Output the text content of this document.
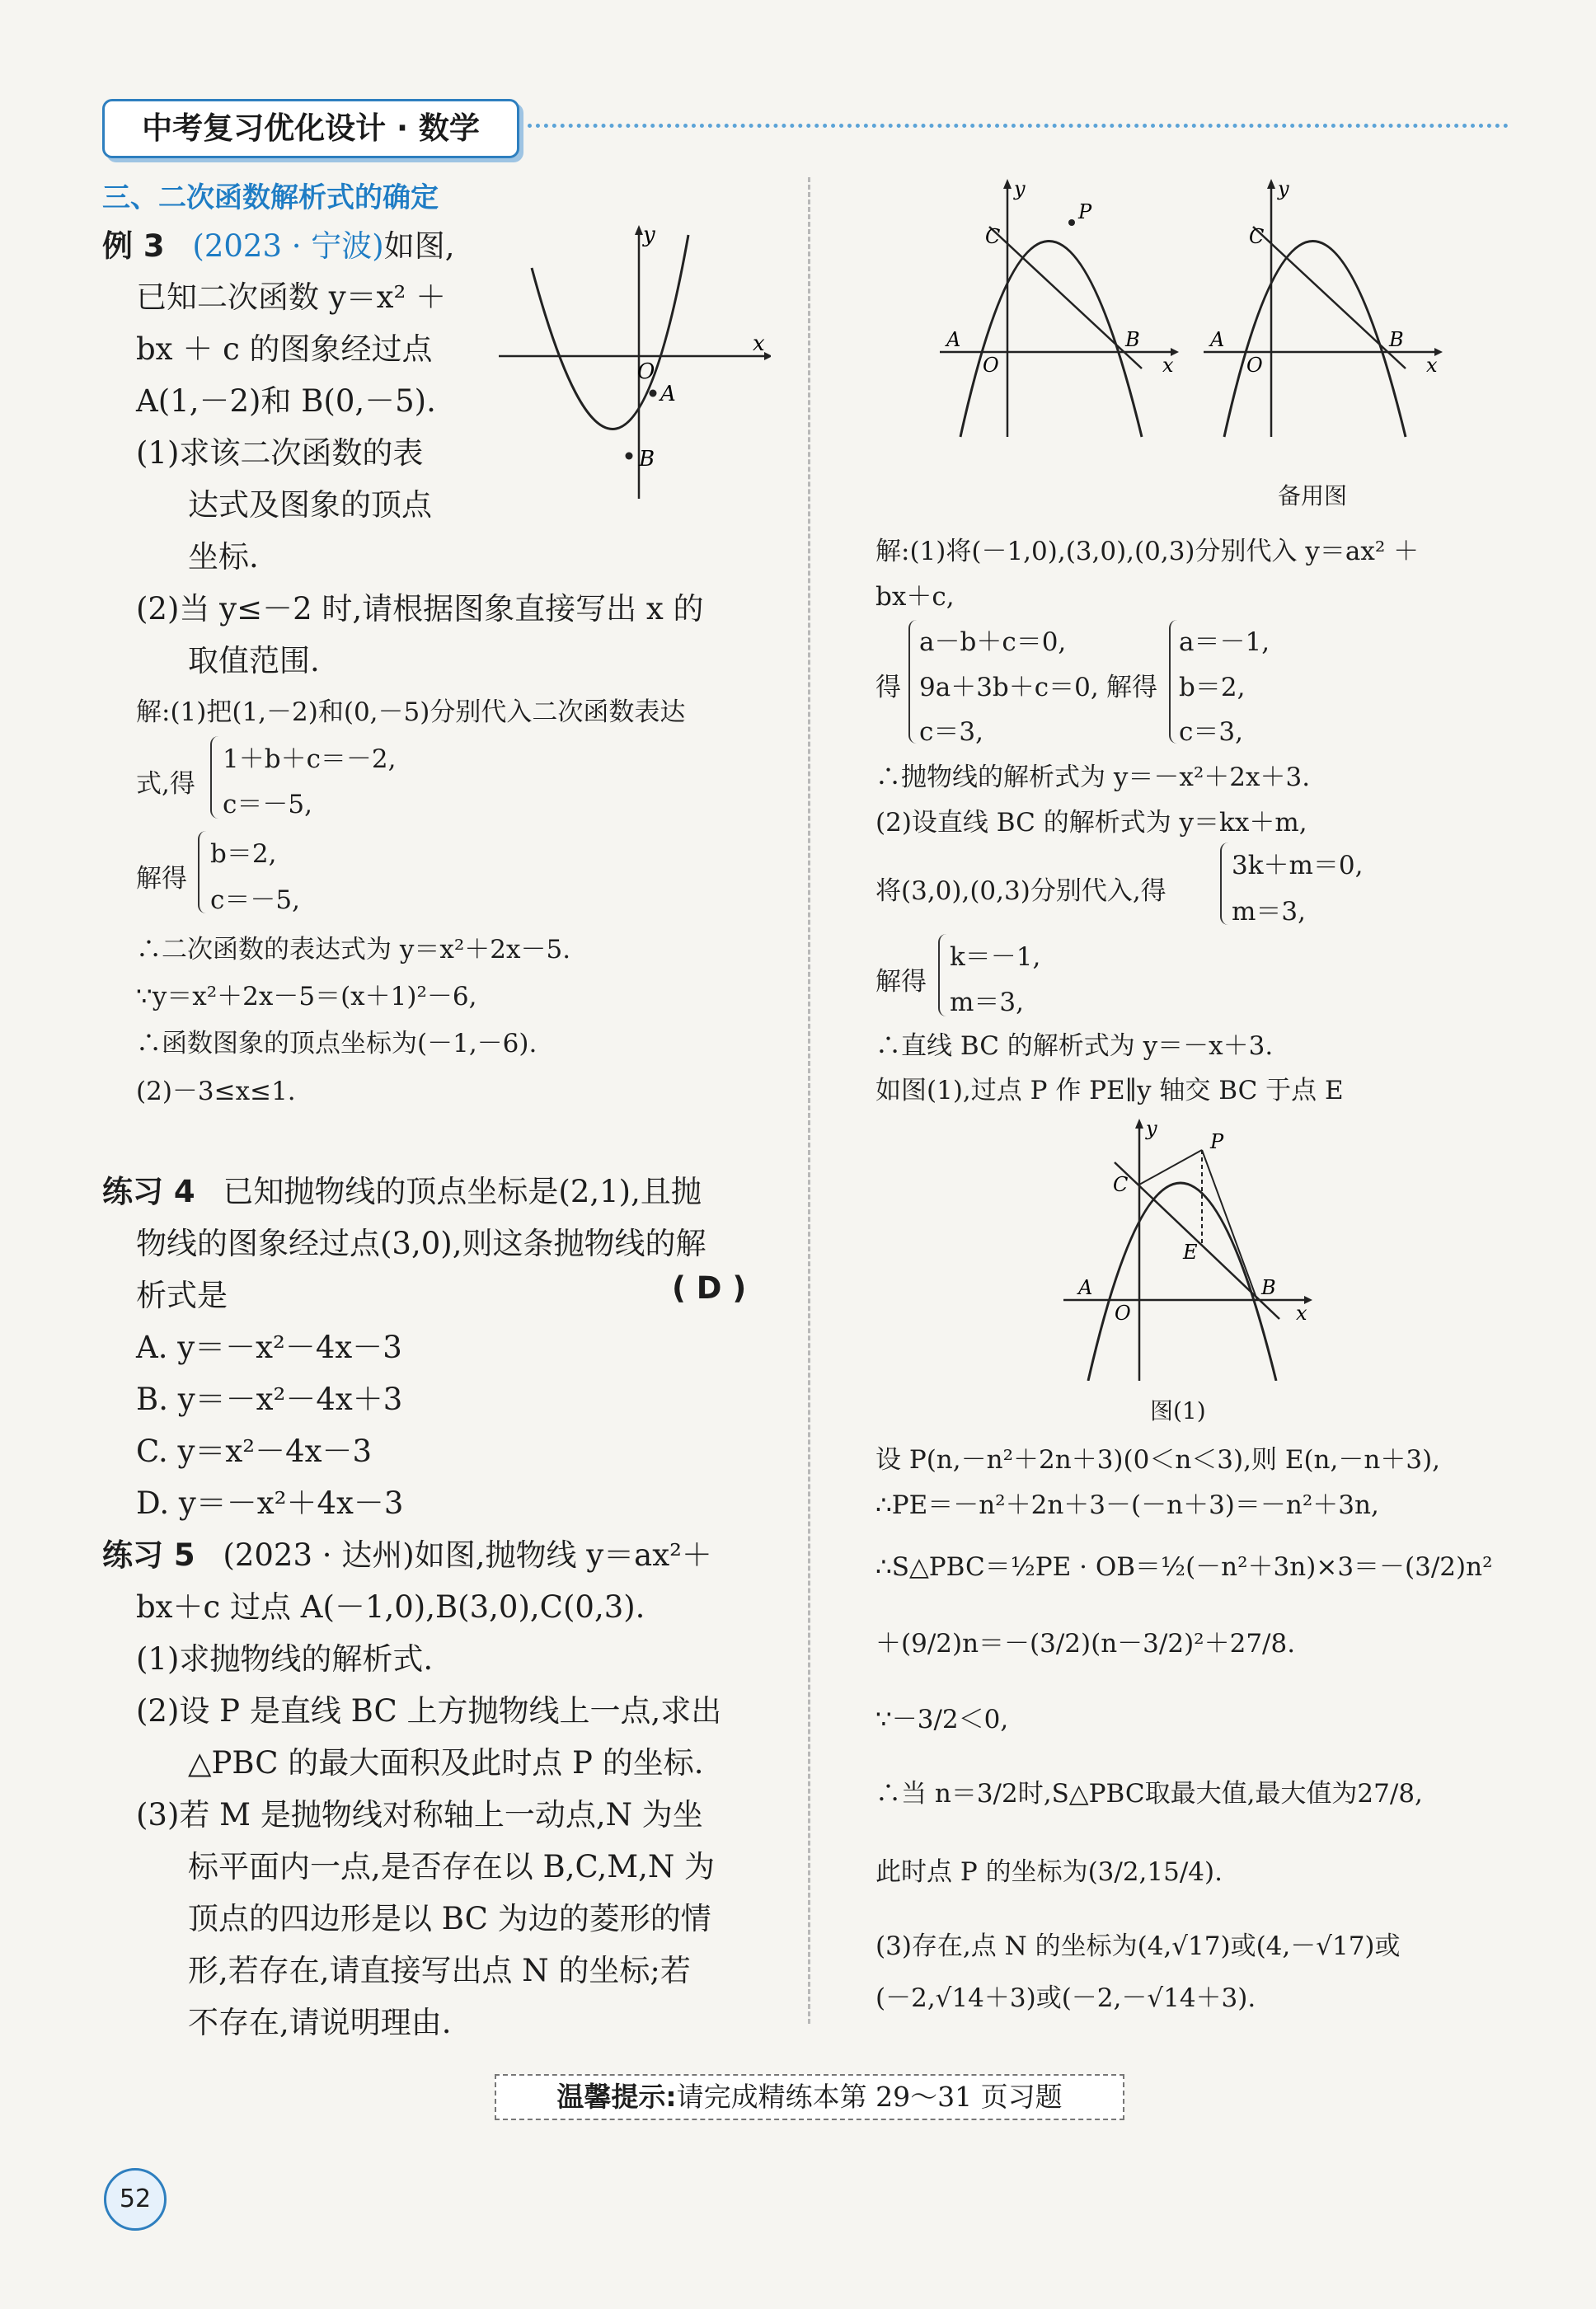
中考复习优化设计 · 数学
三、二次函数解析式的确定
例 3 (2023 · 宁波)如图,
已知二次函数 y＝x² ＋
bx ＋ c 的图象经过点
A(1,－2)和 B(0,－5).
(1)求该二次函数的表
达式及图象的顶点
坐标.
(2)当 y≤－2 时,请根据图象直接写出 x 的
取值范围.
y
x
O
A
B
解:(1)把(1,－2)和(0,－5)分别代入二次函数表达
式,得
1＋b＋c＝－2,
c＝－5,
解得
b＝2,
c＝－5,
∴二次函数的表达式为 y＝x²＋2x－5.
∵y＝x²＋2x－5＝(x＋1)²－6,
∴函数图象的顶点坐标为(－1,－6).
(2)－3≤x≤1.
练习 4 已知抛物线的顶点坐标是(2,1),且抛
物线的图象经过点(3,0),则这条抛物线的解
析式是	( D )
A. y＝－x²－4x－3
B. y＝－x²－4x＋3
C. y＝x²－4x－3
D. y＝－x²＋4x－3
练习 5 (2023 · 达州)如图,抛物线 y＝ax²＋
bx＋c 过点 A(－1,0),B(3,0),C(0,3).
(1)求抛物线的解析式.
(2)设 P 是直线 BC 上方抛物线上一点,求出
△PBC 的最大面积及此时点 P 的坐标.
(3)若 M 是抛物线对称轴上一动点,N 为坐
标平面内一点,是否存在以 B,C,M,N 为
顶点的四边形是以 BC 为边的菱形的情
形,若存在,请直接写出点 N 的坐标;若
不存在,请说明理由.
y
x
O
A	B
C
P
y
x
O
A	B
C
备用图
解:(1)将(－1,0),(3,0),(0,3)分别代入 y＝ax² ＋
bx＋c,
得
a－b＋c＝0,
9a＋3b＋c＝0,
c＝3,
解得
a＝－1,
b＝2,
c＝3,
∴抛物线的解析式为 y＝－x²＋2x＋3.
(2)设直线 BC 的解析式为 y＝kx＋m,
将(3,0),(0,3)分别代入,得
3k＋m＝0,
m＝3,
解得
k＝－1,
m＝3,
∴直线 BC 的解析式为 y＝－x＋3.
如图(1),过点 P 作 PE∥y 轴交 BC 于点 E
y
x
O
A	B
C
P
E
图(1)
设 P(n,－n²＋2n＋3)(0＜n＜3),则 E(n,－n＋3),
∴PE＝－n²＋2n＋3－(－n＋3)＝－n²＋3n,
∴S△PBC＝½PE · OB＝½(－n²＋3n)×3＝－(3/2)n²
＋(9/2)n＝－(3/2)(n－3/2)²＋27/8.
∵－3/2＜0,
∴当 n＝3/2时,S△PBC取最大值,最大值为27/8,
此时点 P 的坐标为(3/2,15/4).
(3)存在,点 N 的坐标为(4,√17)或(4,－√17)或
(－2,√14＋3)或(－2,－√14＋3).
温馨提示:请完成精练本第 29～31 页习题
52
